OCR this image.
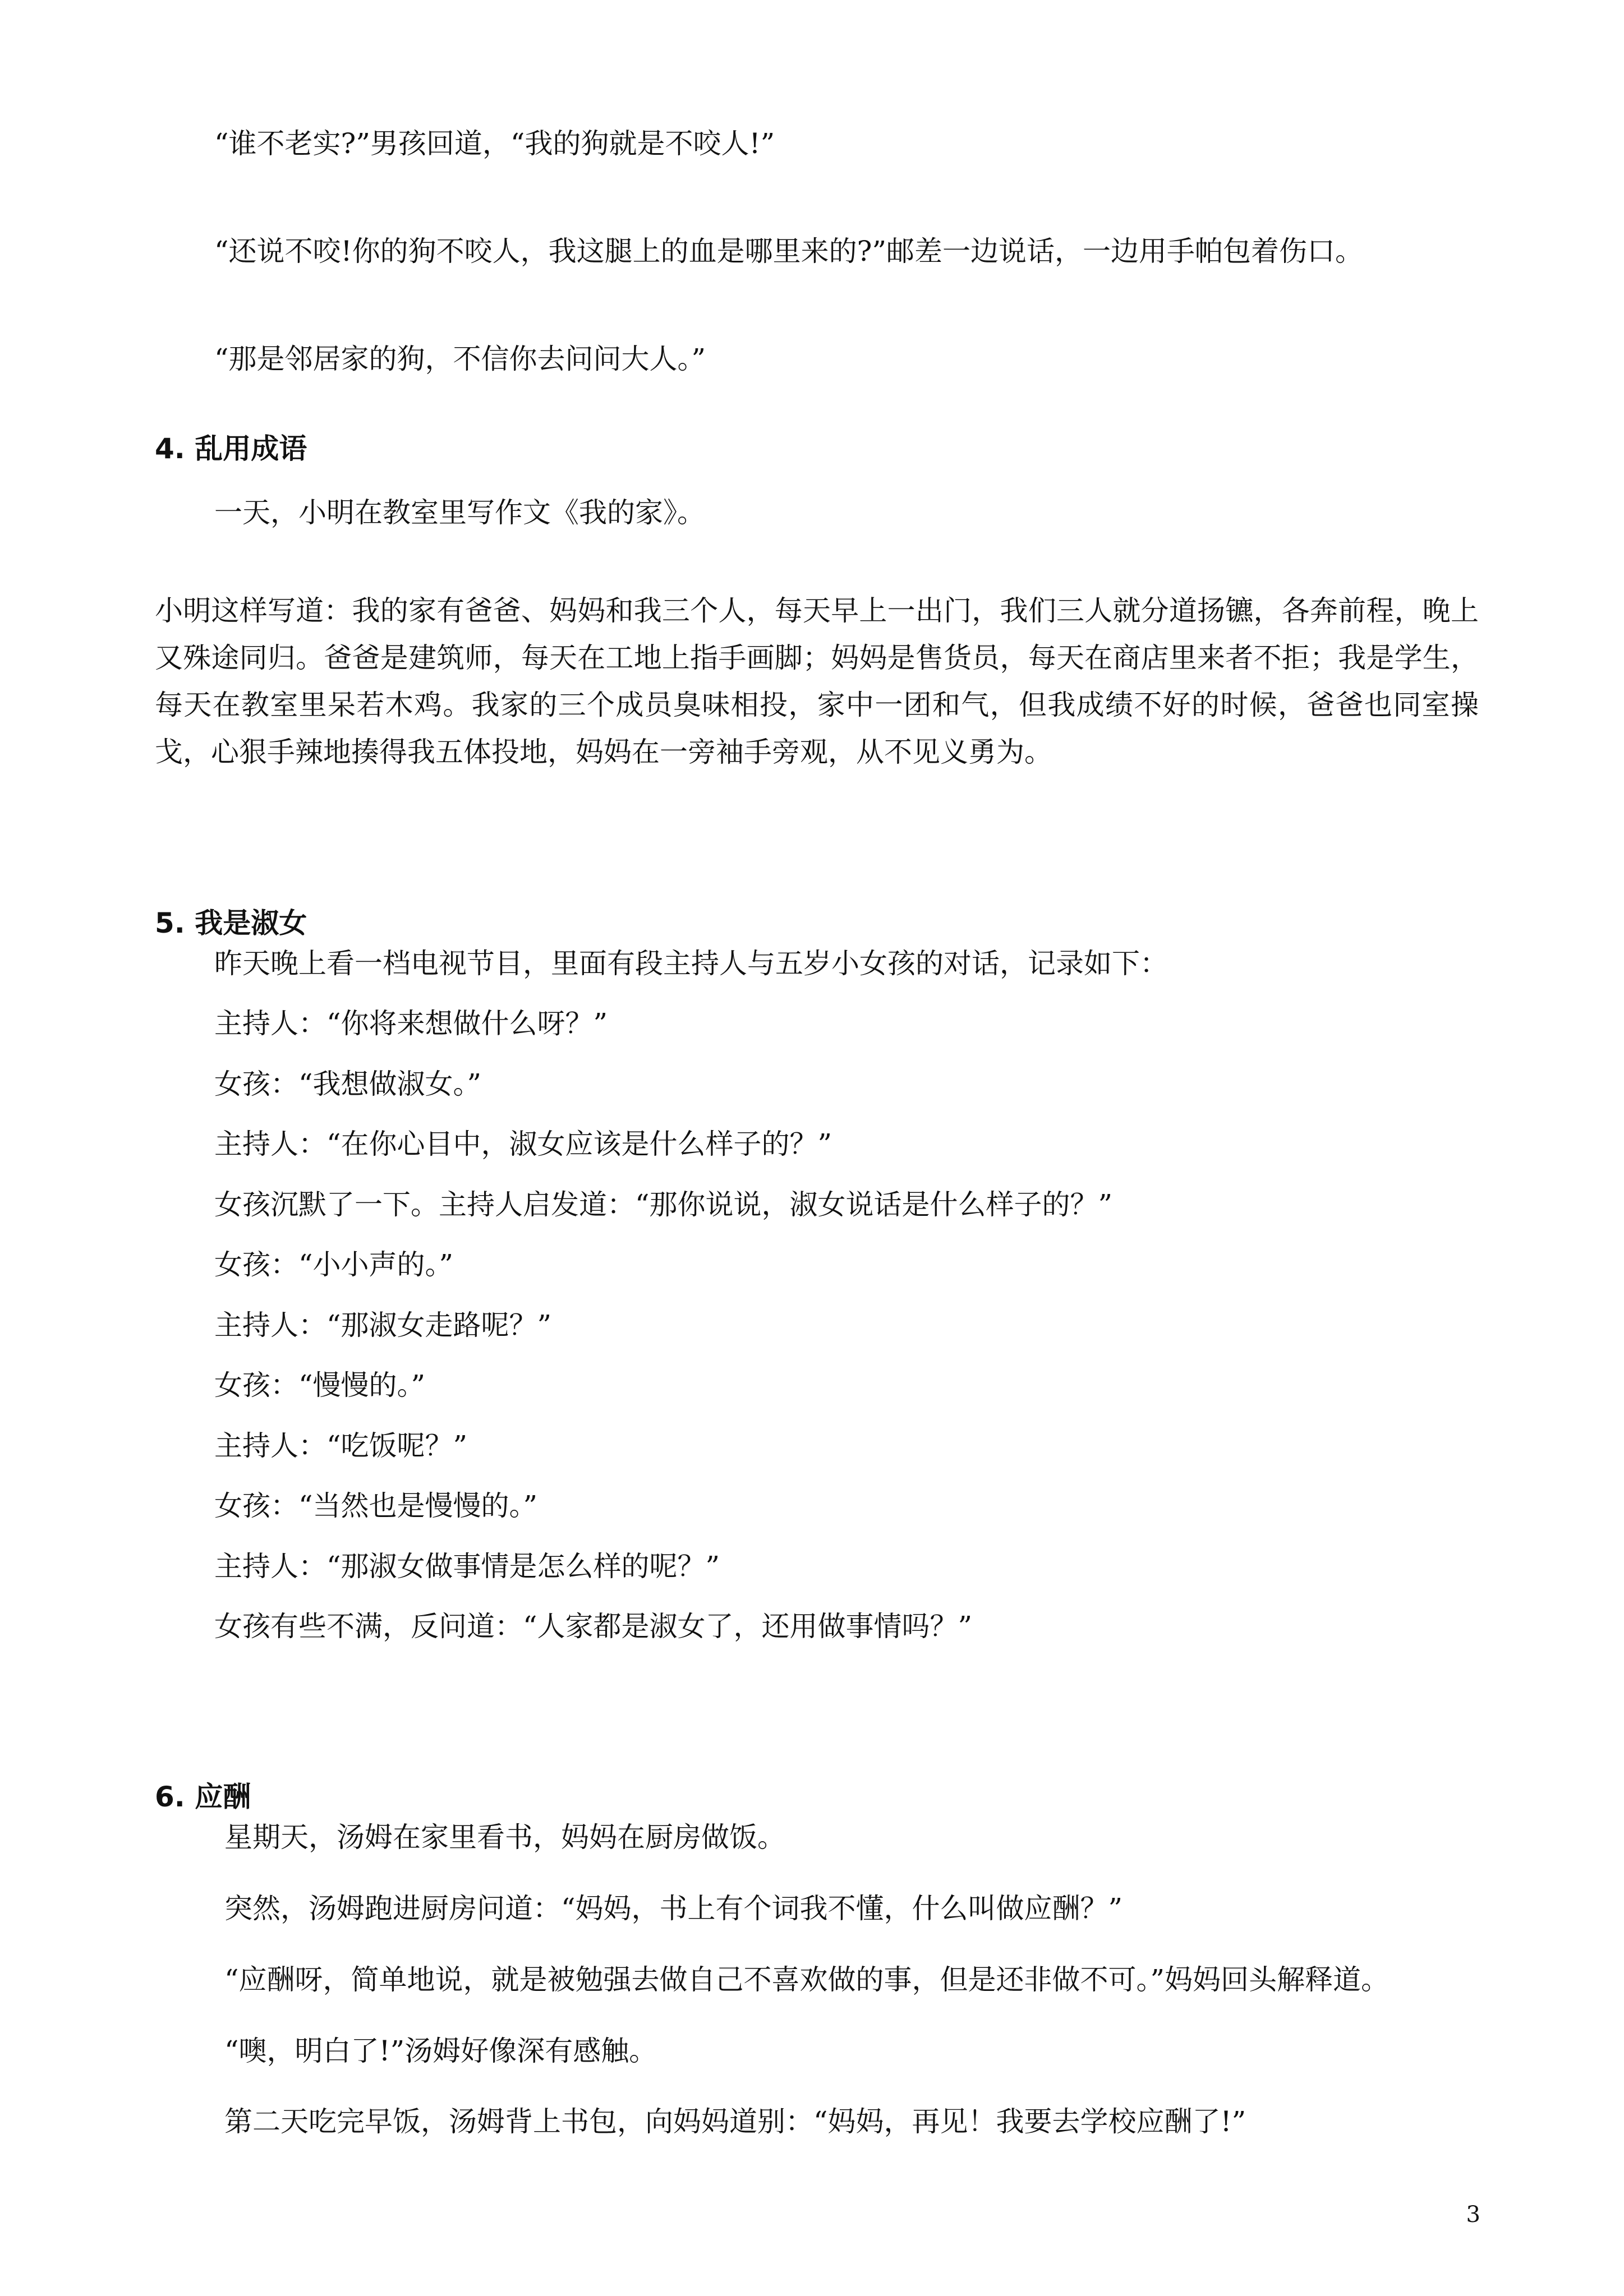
“谁不老实?”男孩回道，“我的狗就是不咬人!”
“还说不咬!你的狗不咬人，我这腿上的血是哪里来的?”邮差一边说话，一边用手帕包着伤口。
“那是邻居家的狗，不信你去问问大人。”
4. 乱用成语
一天，小明在教室里写作文《我的家》。
小明这样写道：我的家有爸爸、妈妈和我三个人，每天早上一出门，我们三人就分道扬镳，各奔前程，晚上又殊途同归。爸爸是建筑师，每天在工地上指手画脚；妈妈是售货员，每天在商店里来者不拒；我是学生，每天在教室里呆若木鸡。我家的三个成员臭味相投，家中一团和气，但我成绩不好的时候，爸爸也同室操戈，心狠手辣地揍得我五体投地，妈妈在一旁袖手旁观，从不见义勇为。
5. 我是淑女
昨天晚上看一档电视节目，里面有段主持人与五岁小女孩的对话，记录如下：
主持人：“你将来想做什么呀？”
女孩：“我想做淑女。”
主持人：“在你心目中，淑女应该是什么样子的？”
女孩沉默了一下。主持人启发道：“那你说说，淑女说话是什么样子的？”
女孩：“小小声的。”
主持人：“那淑女走路呢？”
女孩：“慢慢的。”
主持人：“吃饭呢？”
女孩：“当然也是慢慢的。”
主持人：“那淑女做事情是怎么样的呢？”
女孩有些不满，反问道：“人家都是淑女了，还用做事情吗？”
6. 应酬
星期天，汤姆在家里看书，妈妈在厨房做饭。
突然，汤姆跑进厨房问道：“妈妈，书上有个词我不懂，什么叫做应酬？”
“应酬呀，简单地说，就是被勉强去做自己不喜欢做的事，但是还非做不可。”妈妈回头解释道。
“噢，明白了!”汤姆好像深有感触。
第二天吃完早饭，汤姆背上书包，向妈妈道别：“妈妈，再见！我要去学校应酬了!”
3
